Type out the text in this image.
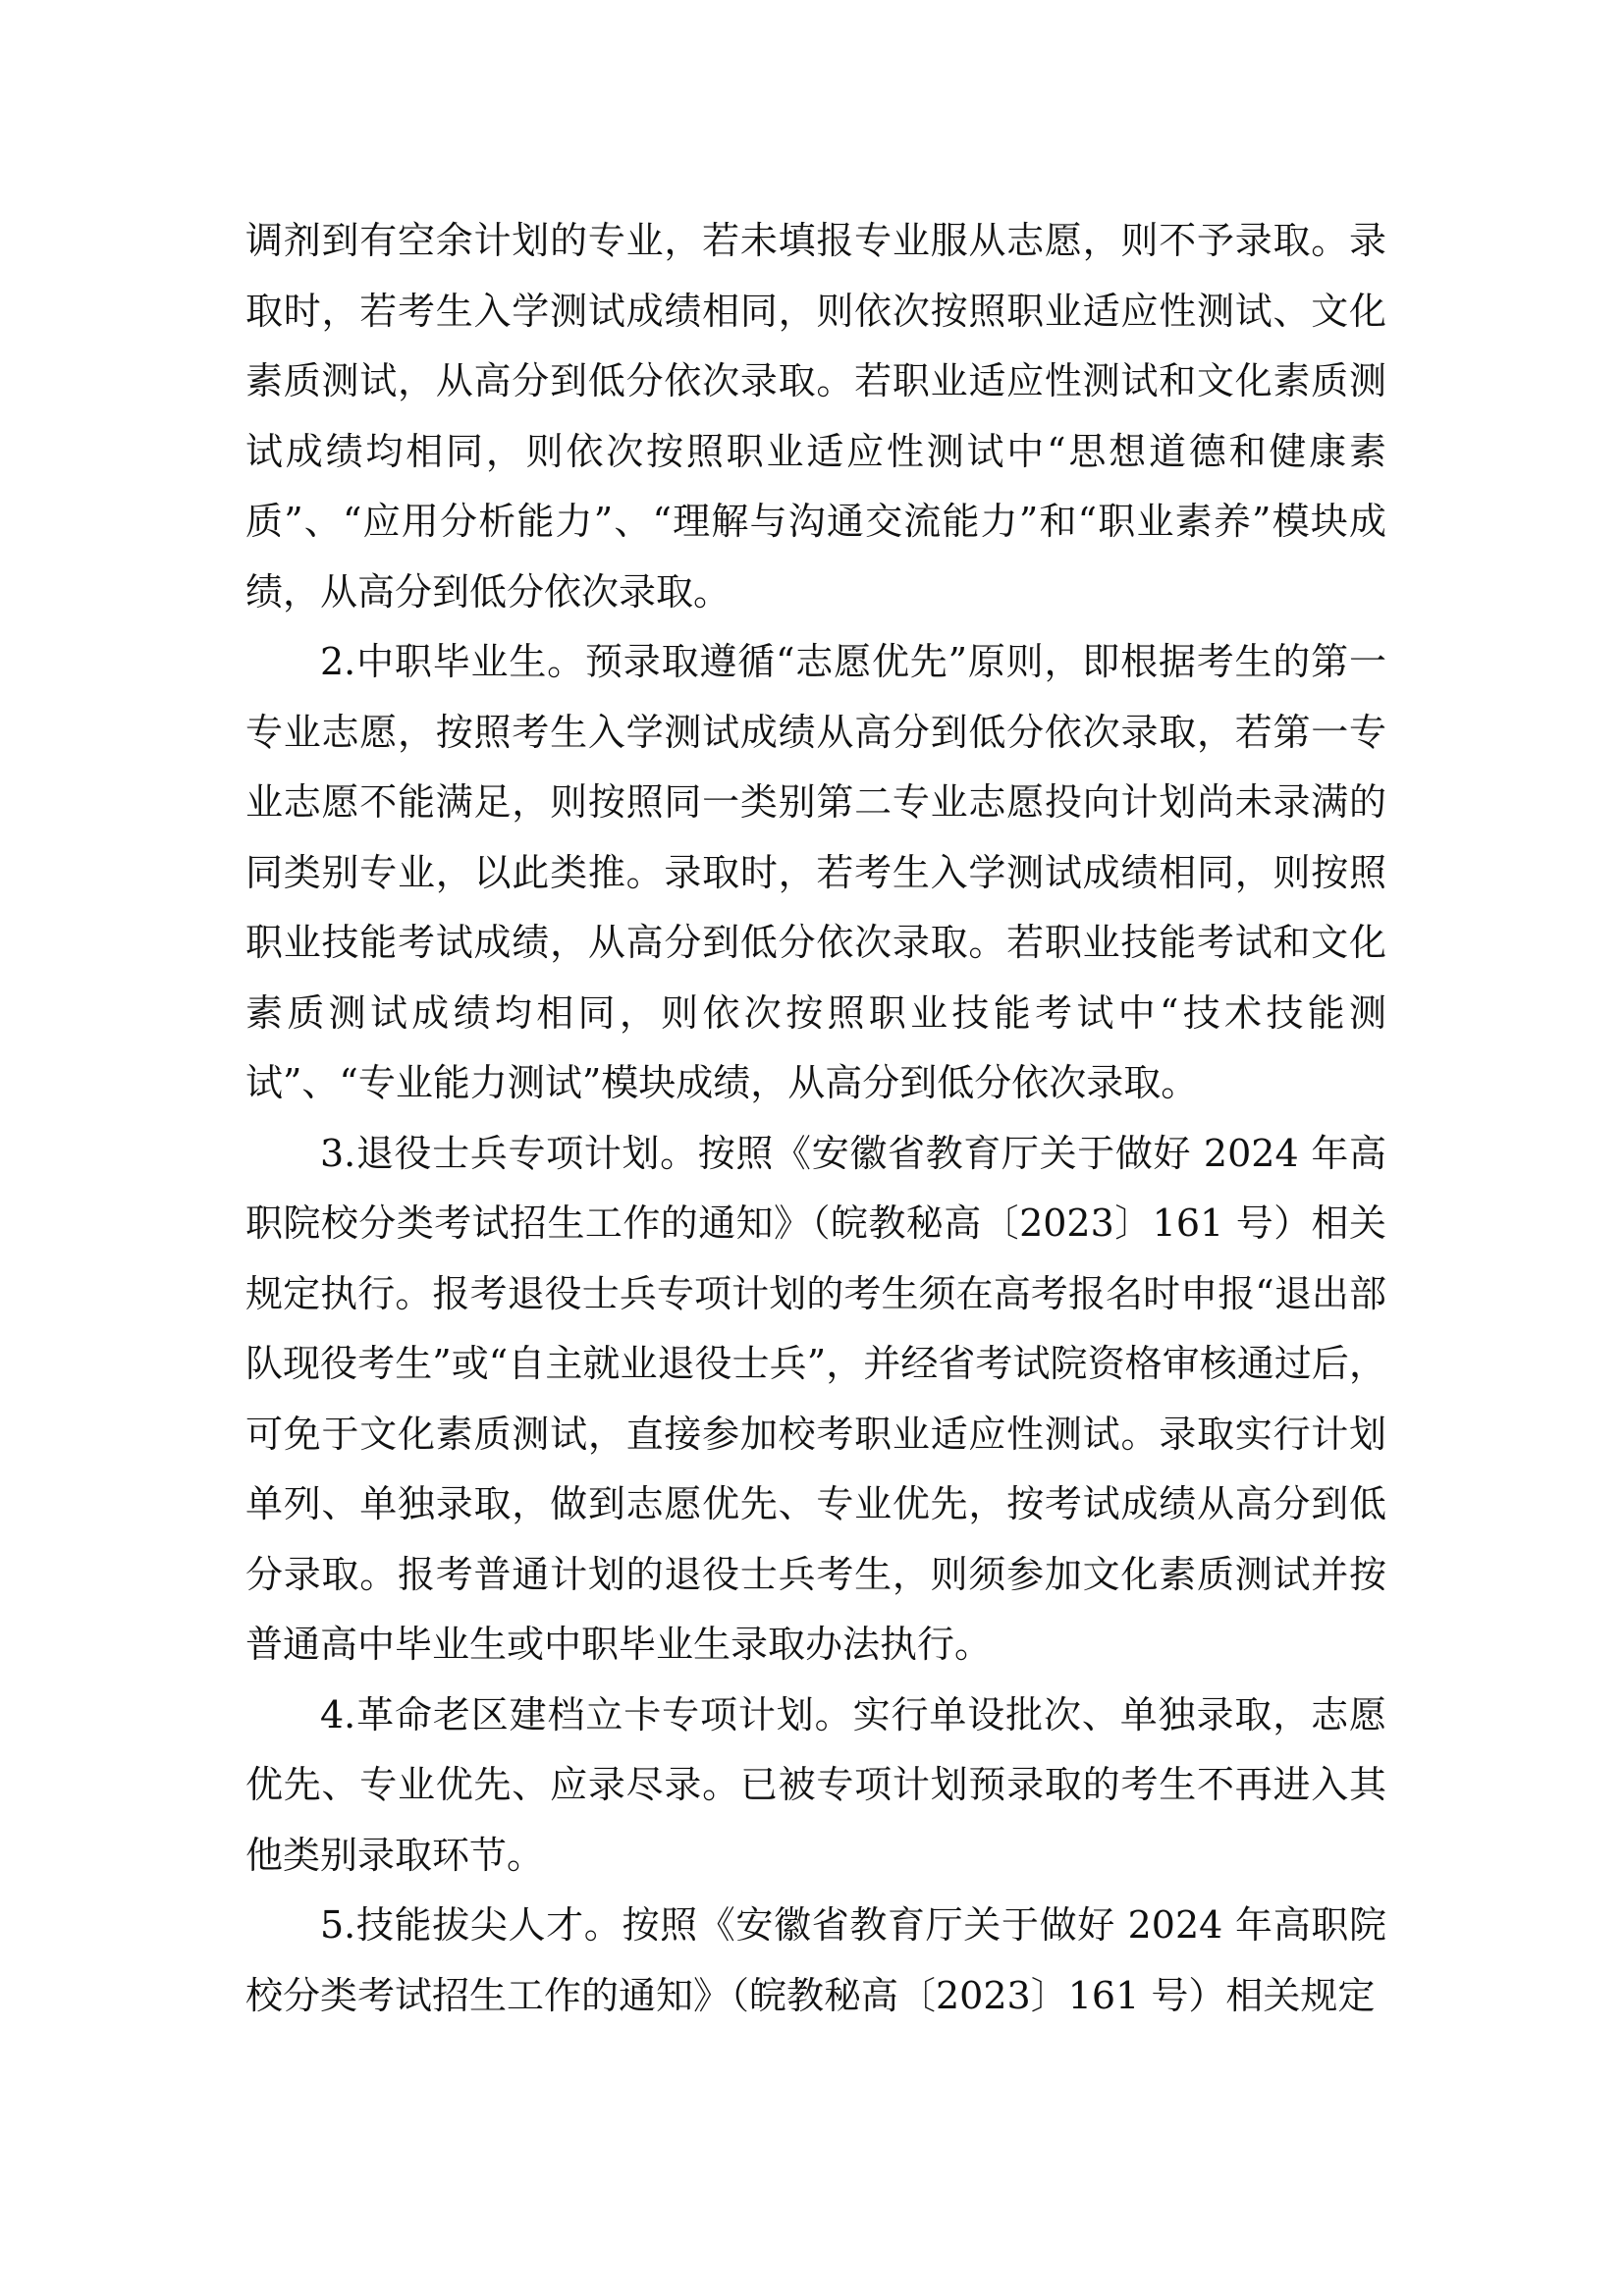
调剂到有空余计划的专业，若未填报专业服从志愿，则不予录取。录取时，若考生入学测试成绩相同，则依次按照职业适应性测试、文化素质测试，从高分到低分依次录取。若职业适应性测试和文化素质测试成绩均相同，则依次按照职业适应性测试中“思想道德和健康素质”、“应用分析能力”、“理解与沟通交流能力”和“职业素养”模块成绩，从高分到低分依次录取。

2.中职毕业生。预录取遵循“志愿优先”原则，即根据考生的第一专业志愿，按照考生入学测试成绩从高分到低分依次录取，若第一专业志愿不能满足，则按照同一类别第二专业志愿投向计划尚未录满的同类别专业，以此类推。录取时，若考生入学测试成绩相同，则按照职业技能考试成绩，从高分到低分依次录取。若职业技能考试和文化素质测试成绩均相同，则依次按照职业技能考试中“技术技能测试”、“专业能力测试”模块成绩，从高分到低分依次录取。

3.退役士兵专项计划。按照《安徽省教育厅关于做好 2024 年高职院校分类考试招生工作的通知》（皖教秘高〔2023〕161 号）相关规定执行。报考退役士兵专项计划的考生须在高考报名时申报“退出部队现役考生”或“自主就业退役士兵”，并经省考试院资格审核通过后，可免于文化素质测试，直接参加校考职业适应性测试。录取实行计划单列、单独录取，做到志愿优先、专业优先，按考试成绩从高分到低分录取。报考普通计划的退役士兵考生，则须参加文化素质测试并按普通高中毕业生或中职毕业生录取办法执行。

4.革命老区建档立卡专项计划。实行单设批次、单独录取，志愿优先、专业优先、应录尽录。已被专项计划预录取的考生不再进入其他类别录取环节。

5.技能拔尖人才。按照《安徽省教育厅关于做好 2024 年高职院校分类考试招生工作的通知》（皖教秘高〔2023〕161 号）相关规定
